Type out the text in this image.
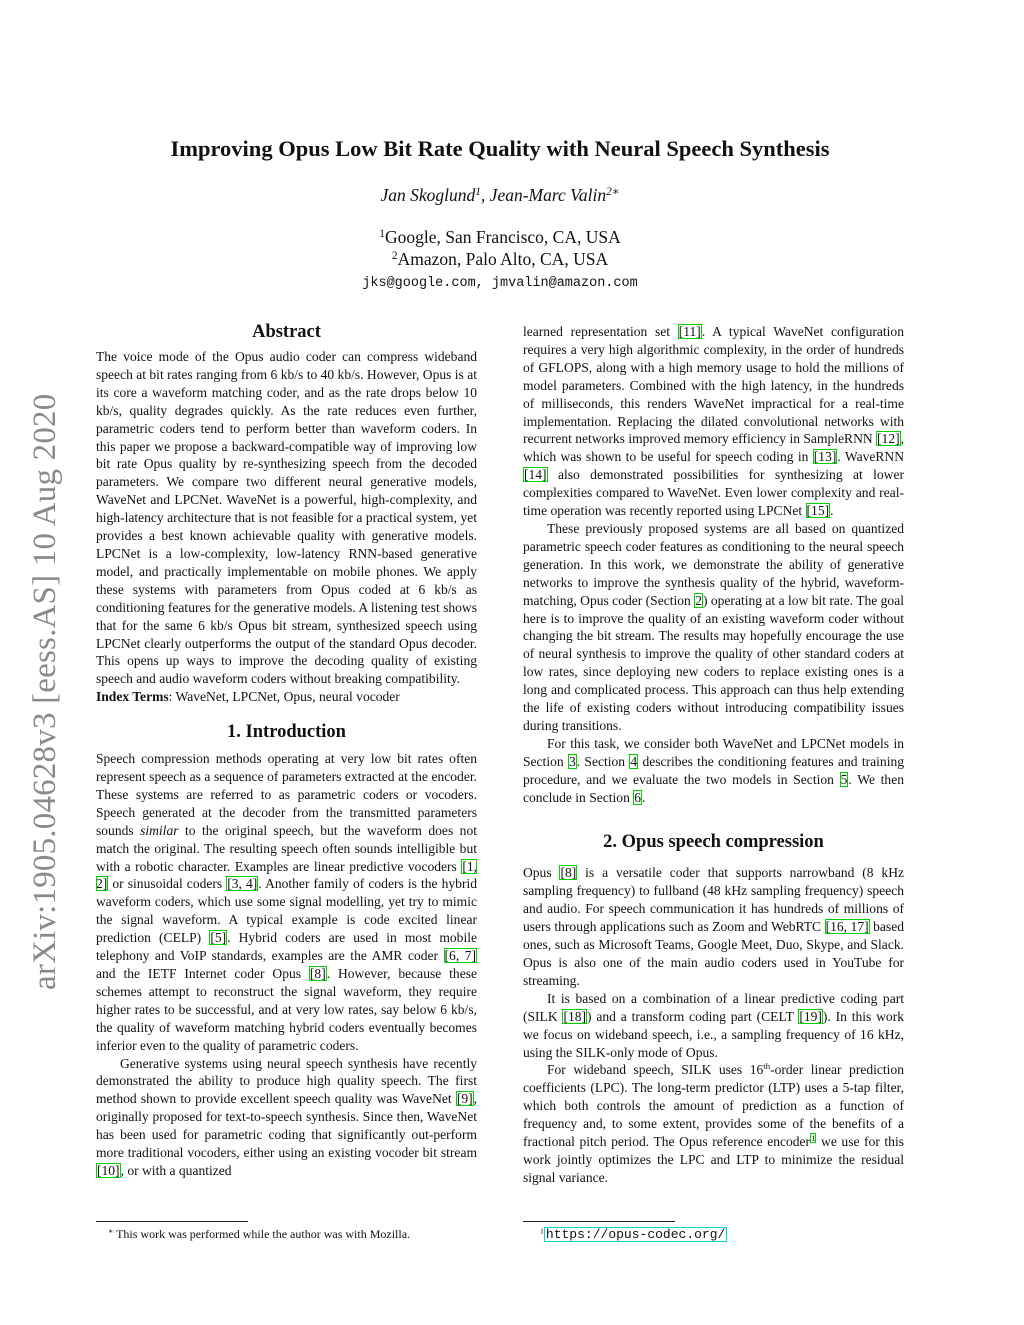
Improving Opus Low Bit Rate Quality with Neural Speech Synthesis
Jan Skoglund$^1$, Jean-Marc Valin$^{2∗}$
$^1$Google, San Francisco, CA, USA
$^2$Amazon, Palo Alto, CA, USA
jks@google.com, jmvalin@amazon.com
arXiv:1905.04628v3 [eess.AS] 10 Aug 2020
Abstract

The voice mode of the Opus audio coder can compress wideband speech at bit rates ranging from 6 kb/s to 40 kb/s. However, Opus is at its core a waveform matching coder, and as the rate drops below 10 kb/s, quality degrades quickly. As the rate reduces even further, parametric coders tend to perform better than waveform coders. In this paper we propose a backward-compatible way of improving low bit rate Opus quality by re-synthesizing speech from the decoded parameters. We compare two different neural generative models, WaveNet and LPCNet. WaveNet is a powerful, high-complexity, and high-latency architecture that is not feasible for a practical system, yet provides a best known achievable quality with generative models. LPCNet is a low-complexity, low-latency RNN-based generative model, and practically implementable on mobile phones. We apply these systems with parameters from Opus coded at 6 kb/s as conditioning features for the generative models. A listening test shows that for the same 6 kb/s Opus bit stream, synthesized speech using LPCNet clearly outperforms the output of the standard Opus decoder. This opens up ways to improve the decoding quality of existing speech and audio waveform coders without breaking compatibility.

Index Terms: WaveNet, LPCNet, Opus, neural vocoder

1. Introduction

Speech compression methods operating at very low bit rates often represent speech as a sequence of parameters extracted at the encoder. These systems are referred to as parametric coders or vocoders. Speech generated at the decoder from the transmitted parameters sounds similar to the original speech, but the waveform does not match the original. The resulting speech often sounds intelligible but with a robotic character. Examples are linear predictive vocoders [1, 2] or sinusoidal coders [3, 4]. Another family of coders is the hybrid waveform coders, which use some signal modelling, yet try to mimic the signal waveform. A typical example is code excited linear prediction (CELP) [5]. Hybrid coders are used in most mobile telephony and VoIP standards, examples are the AMR coder [6, 7] and the IETF Internet coder Opus [8]. However, because these schemes attempt to reconstruct the signal waveform, they require higher rates to be successful, and at very low rates, say below 6 kb/s, the quality of waveform matching hybrid coders eventually becomes inferior even to the quality of parametric coders.

Generative systems using neural speech synthesis have recently demonstrated the ability to produce high quality speech. The first method shown to provide excellent speech quality was WaveNet [9], originally proposed for text-to-speech synthesis. Since then, WaveNet has been used for parametric coding that significantly out-perform more traditional vocoders, either using an existing vocoder bit stream [10], or with a quantized

learned representation set [11]. A typical WaveNet configuration requires a very high algorithmic complexity, in the order of hundreds of GFLOPS, along with a high memory usage to hold the millions of model parameters. Combined with the high latency, in the hundreds of milliseconds, this renders WaveNet impractical for a real-time implementation. Replacing the dilated convolutional networks with recurrent networks improved memory efficiency in SampleRNN [12], which was shown to be useful for speech coding in [13]. WaveRNN [14] also demonstrated possibilities for synthesizing at lower complexities compared to WaveNet. Even lower complexity and real-time operation was recently reported using LPCNet [15].

These previously proposed systems are all based on quantized parametric speech coder features as conditioning to the neural speech generation. In this work, we demonstrate the ability of generative networks to improve the synthesis quality of the hybrid, waveform-matching, Opus coder (Section 2) operating at a low bit rate. The goal here is to improve the quality of an existing waveform coder without changing the bit stream. The results may hopefully encourage the use of neural synthesis to improve the quality of other standard coders at low rates, since deploying new coders to replace existing ones is a long and complicated process. This approach can thus help extending the life of existing coders without introducing compatibility issues during transitions.

For this task, we consider both WaveNet and LPCNet models in Section 3. Section 4 describes the conditioning features and training procedure, and we evaluate the two models in Section 5. We then conclude in Section 6.

2. Opus speech compression

Opus [8] is a versatile coder that supports narrowband (8 kHz sampling frequency) to fullband (48 kHz sampling frequency) speech and audio. For speech communication it has hundreds of millions of users through applications such as Zoom and WebRTC [16, 17] based ones, such as Microsoft Teams, Google Meet, Duo, Skype, and Slack. Opus is also one of the main audio coders used in YouTube for streaming.

It is based on a combination of a linear predictive coding part (SILK [18]) and a transform coding part (CELT [19]). In this work we focus on wideband speech, i.e., a sampling frequency of 16 kHz, using the SILK-only mode of Opus.

For wideband speech, SILK uses 16th-order linear prediction coefficients (LPC). The long-term predictor (LTP) uses a 5-tap filter, which both controls the amount of prediction as a function of frequency and, to some extent, provides some of the benefits of a fractional pitch period. The Opus reference encoder$^1$ we use for this work jointly optimizes the LPC and LTP to minimize the residual signal variance.

∗ This work was performed while the author was with Mozilla.	$^1$ https://opus-codec.org/
